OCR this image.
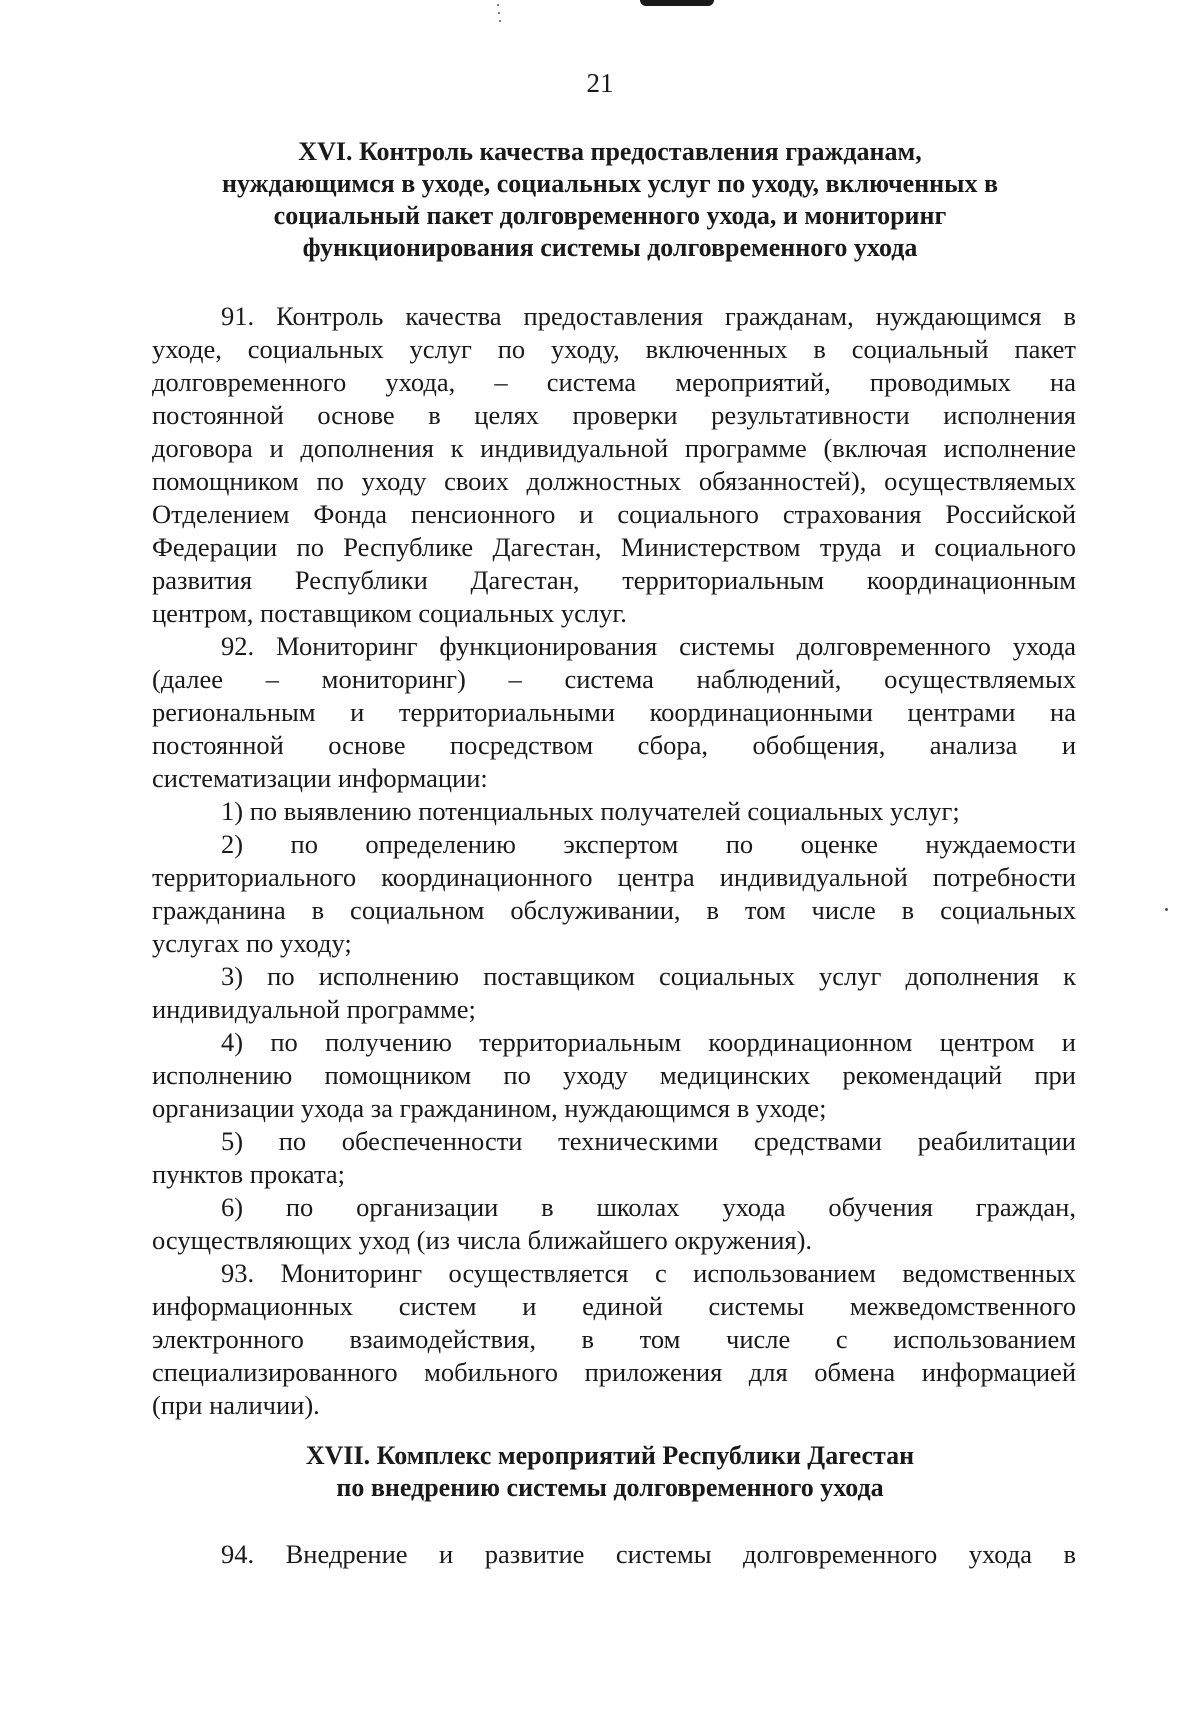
21
XVI. Контроль качества предоставления гражданам,
нуждающимся в уходе, социальных услуг по уходу, включенных в
социальный пакет долговременного ухода, и мониторинг
функционирования системы долговременного ухода
91. Контроль качества предоставления гражданам, нуждающимся в
уходе, социальных услуг по уходу, включенных в социальный пакет
долговременного ухода, – система мероприятий, проводимых на
постоянной основе в целях проверки результативности исполнения
договора и дополнения к индивидуальной программе (включая исполнение
помощником по уходу своих должностных обязанностей), осуществляемых
Отделением Фонда пенсионного и социального страхования Российской
Федерации по Республике Дагестан, Министерством труда и социального
развития Республики Дагестан, территориальным координационным
центром, поставщиком социальных услуг.
92. Мониторинг функционирования системы долговременного ухода
(далее – мониторинг) – система наблюдений, осуществляемых
региональным и территориальными координационными центрами на
постоянной основе посредством сбора, обобщения, анализа и
систематизации информации:
1) по выявлению потенциальных получателей социальных услуг;
2) по определению экспертом по оценке нуждаемости
территориального координационного центра индивидуальной потребности
гражданина в социальном обслуживании, в том числе в социальных
услугах по уходу;
3) по исполнению поставщиком социальных услуг дополнения к
индивидуальной программе;
4) по получению территориальным координационном центром и
исполнению помощником по уходу медицинских рекомендаций при
организации ухода за гражданином, нуждающимся в уходе;
5) по обеспеченности техническими средствами реабилитации
пунктов проката;
6) по организации в школах ухода обучения граждан,
осуществляющих уход (из числа ближайшего окружения).
93. Мониторинг осуществляется с использованием ведомственных
информационных систем и единой системы межведомственного
электронного взаимодействия, в том числе с использованием
специализированного мобильного приложения для обмена информацией
(при наличии).
XVII. Комплекс мероприятий Республики Дагестан
по внедрению системы долговременного ухода
94. Внедрение и развитие системы долговременного ухода в
